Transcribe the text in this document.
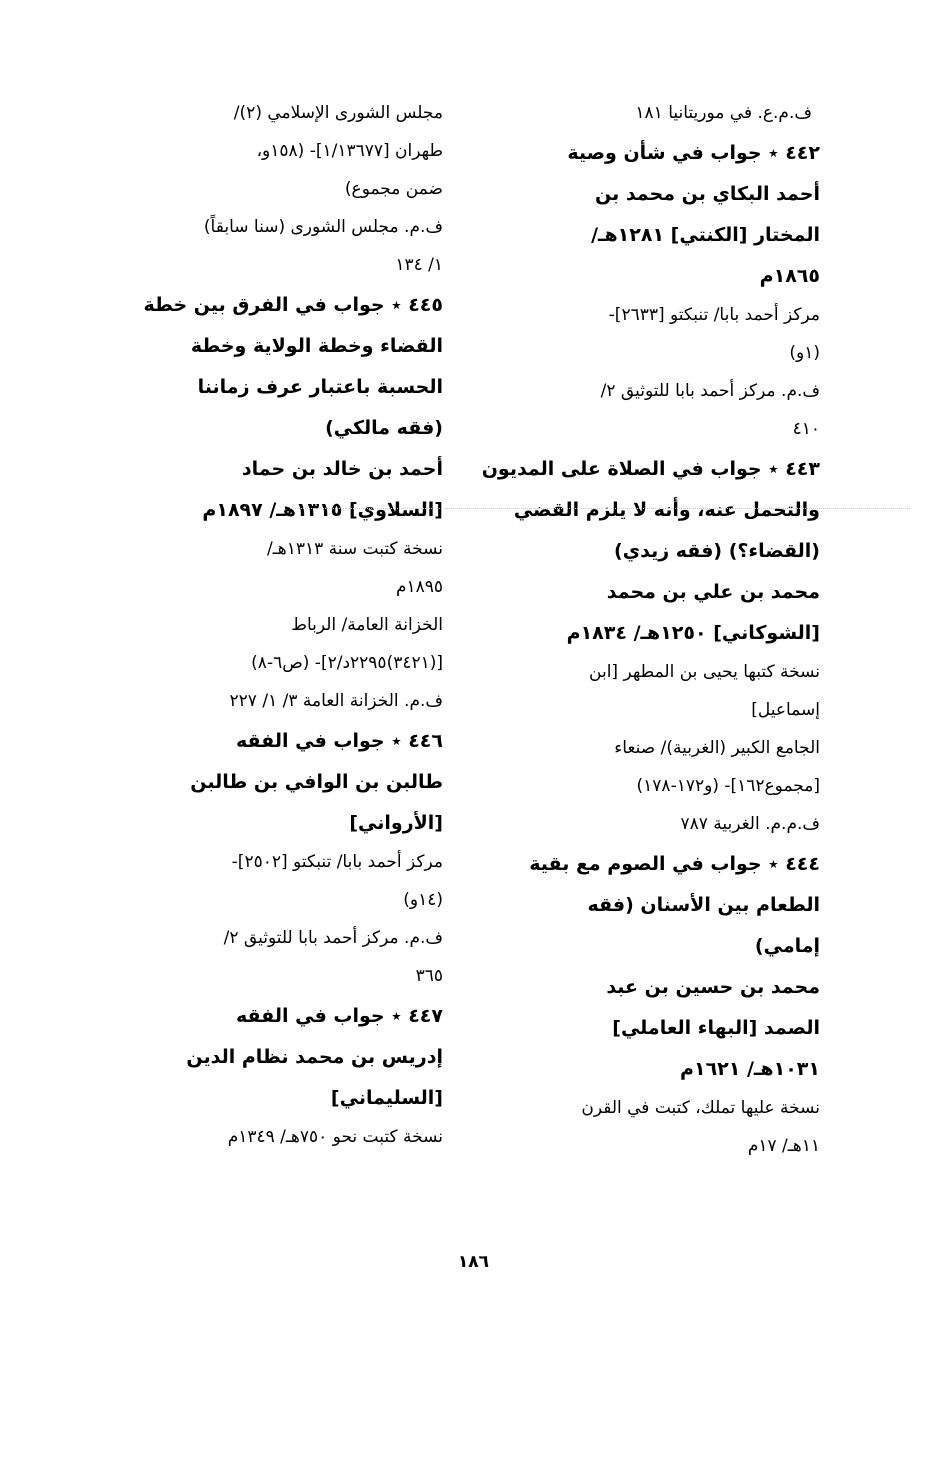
ف.م.ع. في موريتانيا ١٨١
٤٤٢ ٭ جواب في شأن وصية
أحمد البكاي بن محمد بن
المختار [الكنتي] ١٢٨١هـ/
١٨٦٥م
مركز أحمد بابا/ تنبكتو [٢٦٣٣]-
(١و)
ف.م. مركز أحمد بابا للتوثيق ٢/
٤١٠
٤٤٣ ٭ جواب في الصلاة على المديون
والتحمل عنه، وأنه لا يلزم القضي
(القضاء؟) (فقه زيدي)
محمد بن علي بن محمد
[الشوكاني] ١٢٥٠هـ/ ١٨٣٤م
نسخة كتبها يحيى بن المطهر [ابن
إسماعيل]
الجامع الكبير (الغربية)/ صنعاء
[مجموع١٦٢]- (و١٧٢-١٧٨)
ف.م.م. الغربية ٧٨٧
٤٤٤ ٭ جواب في الصوم مع بقية
الطعام بين الأسنان (فقه
إمامي)
محمد بن حسين بن عبد
الصمد [البهاء العاملي]
١٠٣١هـ/ ١٦٢١م
نسخة عليها تملك، كتبت في القرن
١١هـ/ ١٧م
مجلس الشورى الإسلامي (٢)/
طهران [١/١٣٦٧٧]- (١٥٨و،
ضمن مجموع)
ف.م. مجلس الشورى (سنا سابقاً)
١/ ١٣٤
٤٤٥ ٭ جواب في الفرق بين خطة
القضاء وخطة الولاية وخطة
الحسبة باعتبار عرف زماننا
(فقه مالكي)
أحمد بن خالد بن حماد
[السلاوي] ١٣١٥هـ/ ١٨٩٧م
نسخة كتبت سنة ١٣١٣هـ/
١٨٩٥م
الخزانة العامة/ الرباط
[(٣٤٢١)٢٢٩٥د/٢]- (ص٦-٨)
ف.م. الخزانة العامة ٣/ ١/ ٢٢٧
٤٤٦ ٭ جواب في الفقه
طالبن بن الوافي بن طالبن
[الأرواني]
مركز أحمد بابا/ تنبكتو [٢٥٠٢]-
(١٤و)
ف.م. مركز أحمد بابا للتوثيق ٢/
٣٦٥
٤٤٧ ٭ جواب في الفقه
إدريس بن محمد نظام الدين
[السليماني]
نسخة كتبت نحو ٧٥٠هـ/ ١٣٤٩م
١٨٦
